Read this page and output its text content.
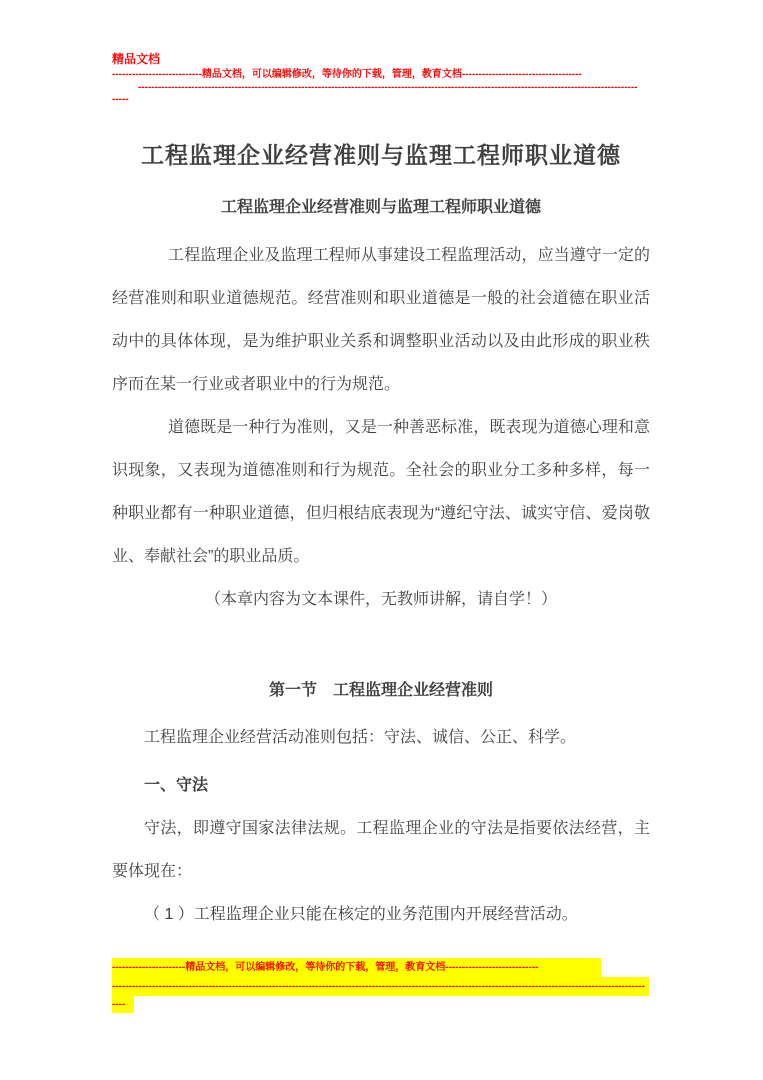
精品文档
---------------------------精品文档，可以编辑修改，等待你的下载，管理，教育文档------------------------------------
------------------------------------------------------------------------------------------------------------------------------------------------------
-----
工程监理企业经营准则与监理工程师职业道德
工程监理企业经营准则与监理工程师职业道德

工程监理企业及监理工程师从事建设工程监理活动，应当遵守一定的经营准则和职业道德规范。经营准则和职业道德是一般的社会道德在职业活动中的具体体现，是为维护职业关系和调整职业活动以及由此形成的职业秩序而在某一行业或者职业中的行为规范。

道德既是一种行为准则，又是一种善恶标准，既表现为道德心理和意识现象，又表现为道德准则和行为规范。全社会的职业分工多种多样，每一种职业都有一种职业道德，但归根结底表现为“遵纪守法、诚实守信、爱岗敬业、奉献社会”的职业品质。

（本章内容为文本课件，无教师讲解，请自学！）

第一节　工程监理企业经营准则

工程监理企业经营活动准则包括：守法、诚信、公正、科学。

一、守法

守法，即遵守国家法律法规。工程监理企业的守法是指要依法经营，主要体现在：

（ 1 ）工程监理企业只能在核定的业务范围内开展经营活动。

----------------------精品文档，可以编辑修改，等待你的下载，管理，教育文档----------------------------
----------------------------------------------------------------------------------------------------------------------------------------------------------------
----
